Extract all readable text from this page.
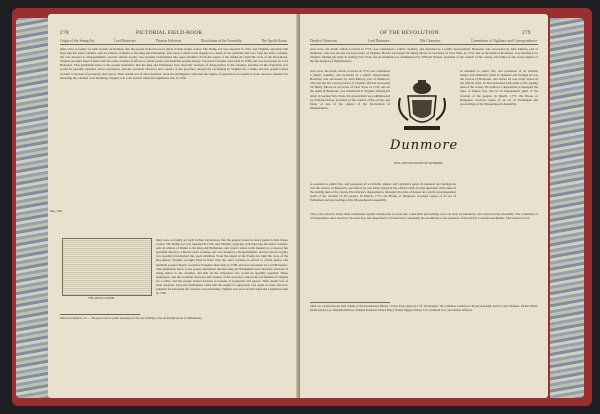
278	PICTORIAL FIELD-BOOK
Origin of the Stamp Act.	Lord Botetourt.	Thomas Jefferson.	Dissolution of the Assembly.	The Apollo Room.
mine were so fatally set forth in their declaration, that the people lacked no more guide in their future course. The Stamp Act was repealed in 1766, and Virginia, rejoicing with hope like her sister colonies, sent an address of thanks to the king and Parliament, and voted a statue to his majesty as a token of her gratitude and love. Like her sister colonies, she was doomed to disappointment, and her sincere loyalty was speedily transformed into open rebellion. From the repeal of the Stamp Act until the close of the Revolution, Virginia wrought hand in hand with the other colonies in efforts to obtain justice and maintain popular liberty. Governor Fauquier died early in 1768, and was succeeded by Lord Botetourt. That gentleman knew to his people assurances that the king and Parliament were sincerely desirous of doing justice to the colonies, and that all the obnoxious acts would be speedily repealed. These assurances, and the excellent character and conduct of the governor, allayed the excitement in Virginia for a while, and her people looked forward to seasons of prosperity and repose. Their dream was of short duration. Soon the intelligence came that the engine of oppression was again at work, and new schemes for harassing the colonies were maturing. Virginia was soon excited when the Legislature met in 1769.
THE APOLLO ROOM.
mine were so fatally set forth in their declaration, that the people lacked no more guide in their future course. The Stamp Act was repealed in 1766, and Virginia, rejoicing with hope like her sister colonies, sent an address of thanks to the king and Parliament, and voted a statue to his majesty as a token of her gratitude and love. Like her sister colonies, she was doomed to disappointment, and her sincere loyalty was speedily transformed into open rebellion. From the repeal of the Stamp Act until the close of the Revolution, Virginia wrought hand in hand with the other colonies in efforts to obtain justice and maintain popular liberty. Governor Fauquier died early in 1768, and was succeeded by Lord Botetourt. That gentleman knew to his people assurances that the king and Parliament were sincerely desirous of doing justice to the colonies, and that all the obnoxious acts would be speedily repealed. These assurances, and the excellent character and conduct of the governor, allayed the excitement in Virginia for a while, and her people looked forward to seasons of prosperity and repose. Their dream was of short duration. Soon the intelligence came that the engine of oppression was again at work, and new schemes for harassing the colonies were maturing. Virginia was soon excited when the Legislature met in 1769.
May, 1769.
Jefferson's Memoir, i. 6. — The great room of public meetings is in the rear building of the old Raleigh tavern at Williamsburg.
OF THE REVOLUTION.	279
Death of Botetourt.	Lord Dunmore.	His Character.	Committees of Vigilance and Correspondence.
tears were, his death, which occurred in 1770, was considered a public calamity, and mourned as a public bereavement. Botetourt was succeeded by John Murray, earl of Dunmore, who was the last royal governor of Virginia. He had succeeded Sir Henry Moore as Governor of New York, in 1770, and on the death of Botetourt, was transferred to Virginia. During his delay in leaving New York, the government was administered by William Nelson, president of the council of the colony, and father of one of the signers of the Declaration of Independence.
tears were, his death, which occurred in 1770, was considered a public calamity, and mourned as a public bereavement. Botetourt was succeeded by John Murray, earl of Dunmore, who was the last royal governor of Virginia. He had succeeded Sir Henry Moore as Governor of New York, in 1770, and on the death of Botetourt, was transferred to Virginia. During his delay in leaving New York, the government was administered by William Nelson, president of the council of the colony, and father of one of the signers of the Declaration of Independence.
Dunmore
SEAL AND SIGNATURE OF DUNMORE.
as essential to public life, and possessed of an irritable temper and vindictive spirit. In manners and feelings he was the reverse of Botetourt, and before he was fairly seated in the official chair, he had quarreled with some of the leading men of the colony. He evinced a disposition to disregard the rules of honest law, and in an independent spirit of the wisdom of the people. In March, 1773, the House of Burgesses received copies of an act of Parliament and proceedings of the Massachusetts Assembly.
as essential to public life, and possessed of an irritable temper and vindictive spirit. In manners and feelings he was the reverse of Botetourt, and before he was fairly seated in the official chair, he had quarreled with some of the leading men of the colony. He evinced a disposition to disregard the rules of honest law, and in an independent spirit of the wisdom of the people. In March, 1773, the House of Burgesses received copies of an act of Parliament and proceedings of the Massachusetts Assembly.
They were about to adopt other resolutions equally unwelcome to royal rule, when their proceedings were cut short by Dunmore, who dissolved the Assembly. The committee of correspondence met, however, the next day, and dispatched a circular letter containing the resolutions to the speakers of the several Colonial Assemblies. The General Court
These are copied from the third volume of the Documentary History of New York, edited by E. B. O'Callaghan. The committee consisted of Peyton Randolph, Robert Carter Nicholas, Richard Bland, Richard Henry Lee, Benjamin Harrison, Edmund Pendleton, Patrick Henry, Dudley Digges, Dabney Carr, Archibald Cary, and Thomas Jefferson.
